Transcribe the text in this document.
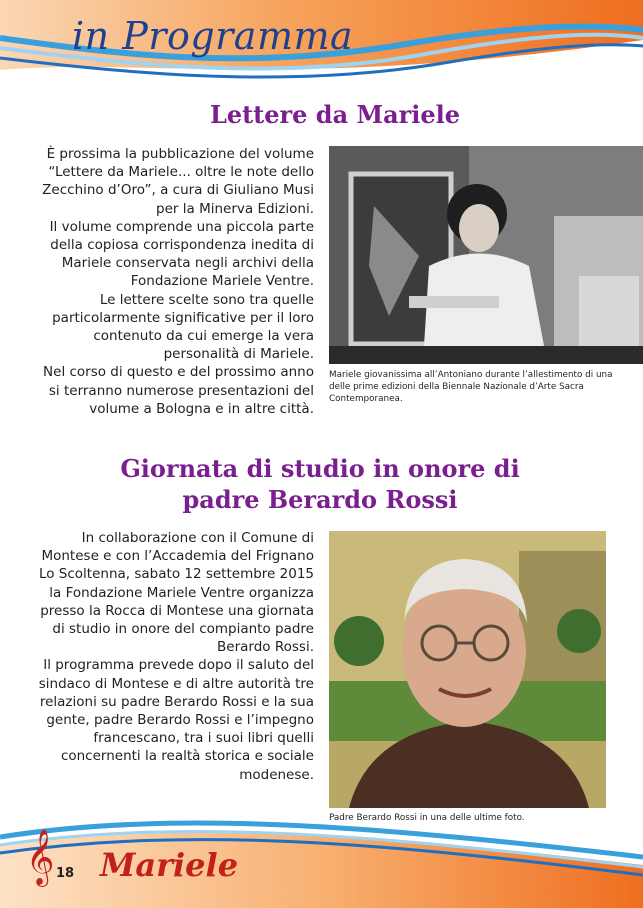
in Programma
Lettere da Mariele

È prossima la pubblicazione del volume “Lettere da Mariele... oltre le note dello Zecchino d’Oro”, a cura di Giuliano Musi per la Minerva Edizioni.

Il volume comprende una piccola parte della copiosa corrispondenza inedita di Mariele conservata negli archivi della Fondazione Mariele Ventre.

Le lettere scelte sono tra quelle particolarmente significative per il loro contenuto da cui emerge la vera personalità di Mariele.

Nel corso di questo e del prossimo anno si terranno numerose presentazioni del volume a Bologna e in altre città.

Mariele giovanissima all’Antoniano durante l’allestimento di una delle prime edizioni della Biennale Nazionale d’Arte Sacra Contemporanea.
Giornata di studio in onore di
padre Berardo Rossi

In collaborazione con il Comune di Montese e con l’Accademia del Frignano Lo Scoltenna, sabato 12 settembre 2015 la Fondazione Mariele Ventre organizza presso la Rocca di Montese una giornata di studio in onore del compianto padre Berardo Rossi.

Il programma prevede dopo il saluto del sindaco di Montese e di altre autorità tre relazioni su padre Berardo Rossi e la sua gente, padre Berardo Rossi e l’impegno francescano, tra i suoi libri quelli concernenti la realtà storica e sociale modenese.

Padre Berardo Rossi in una delle ultime foto.
𝄞 18 Mariele
